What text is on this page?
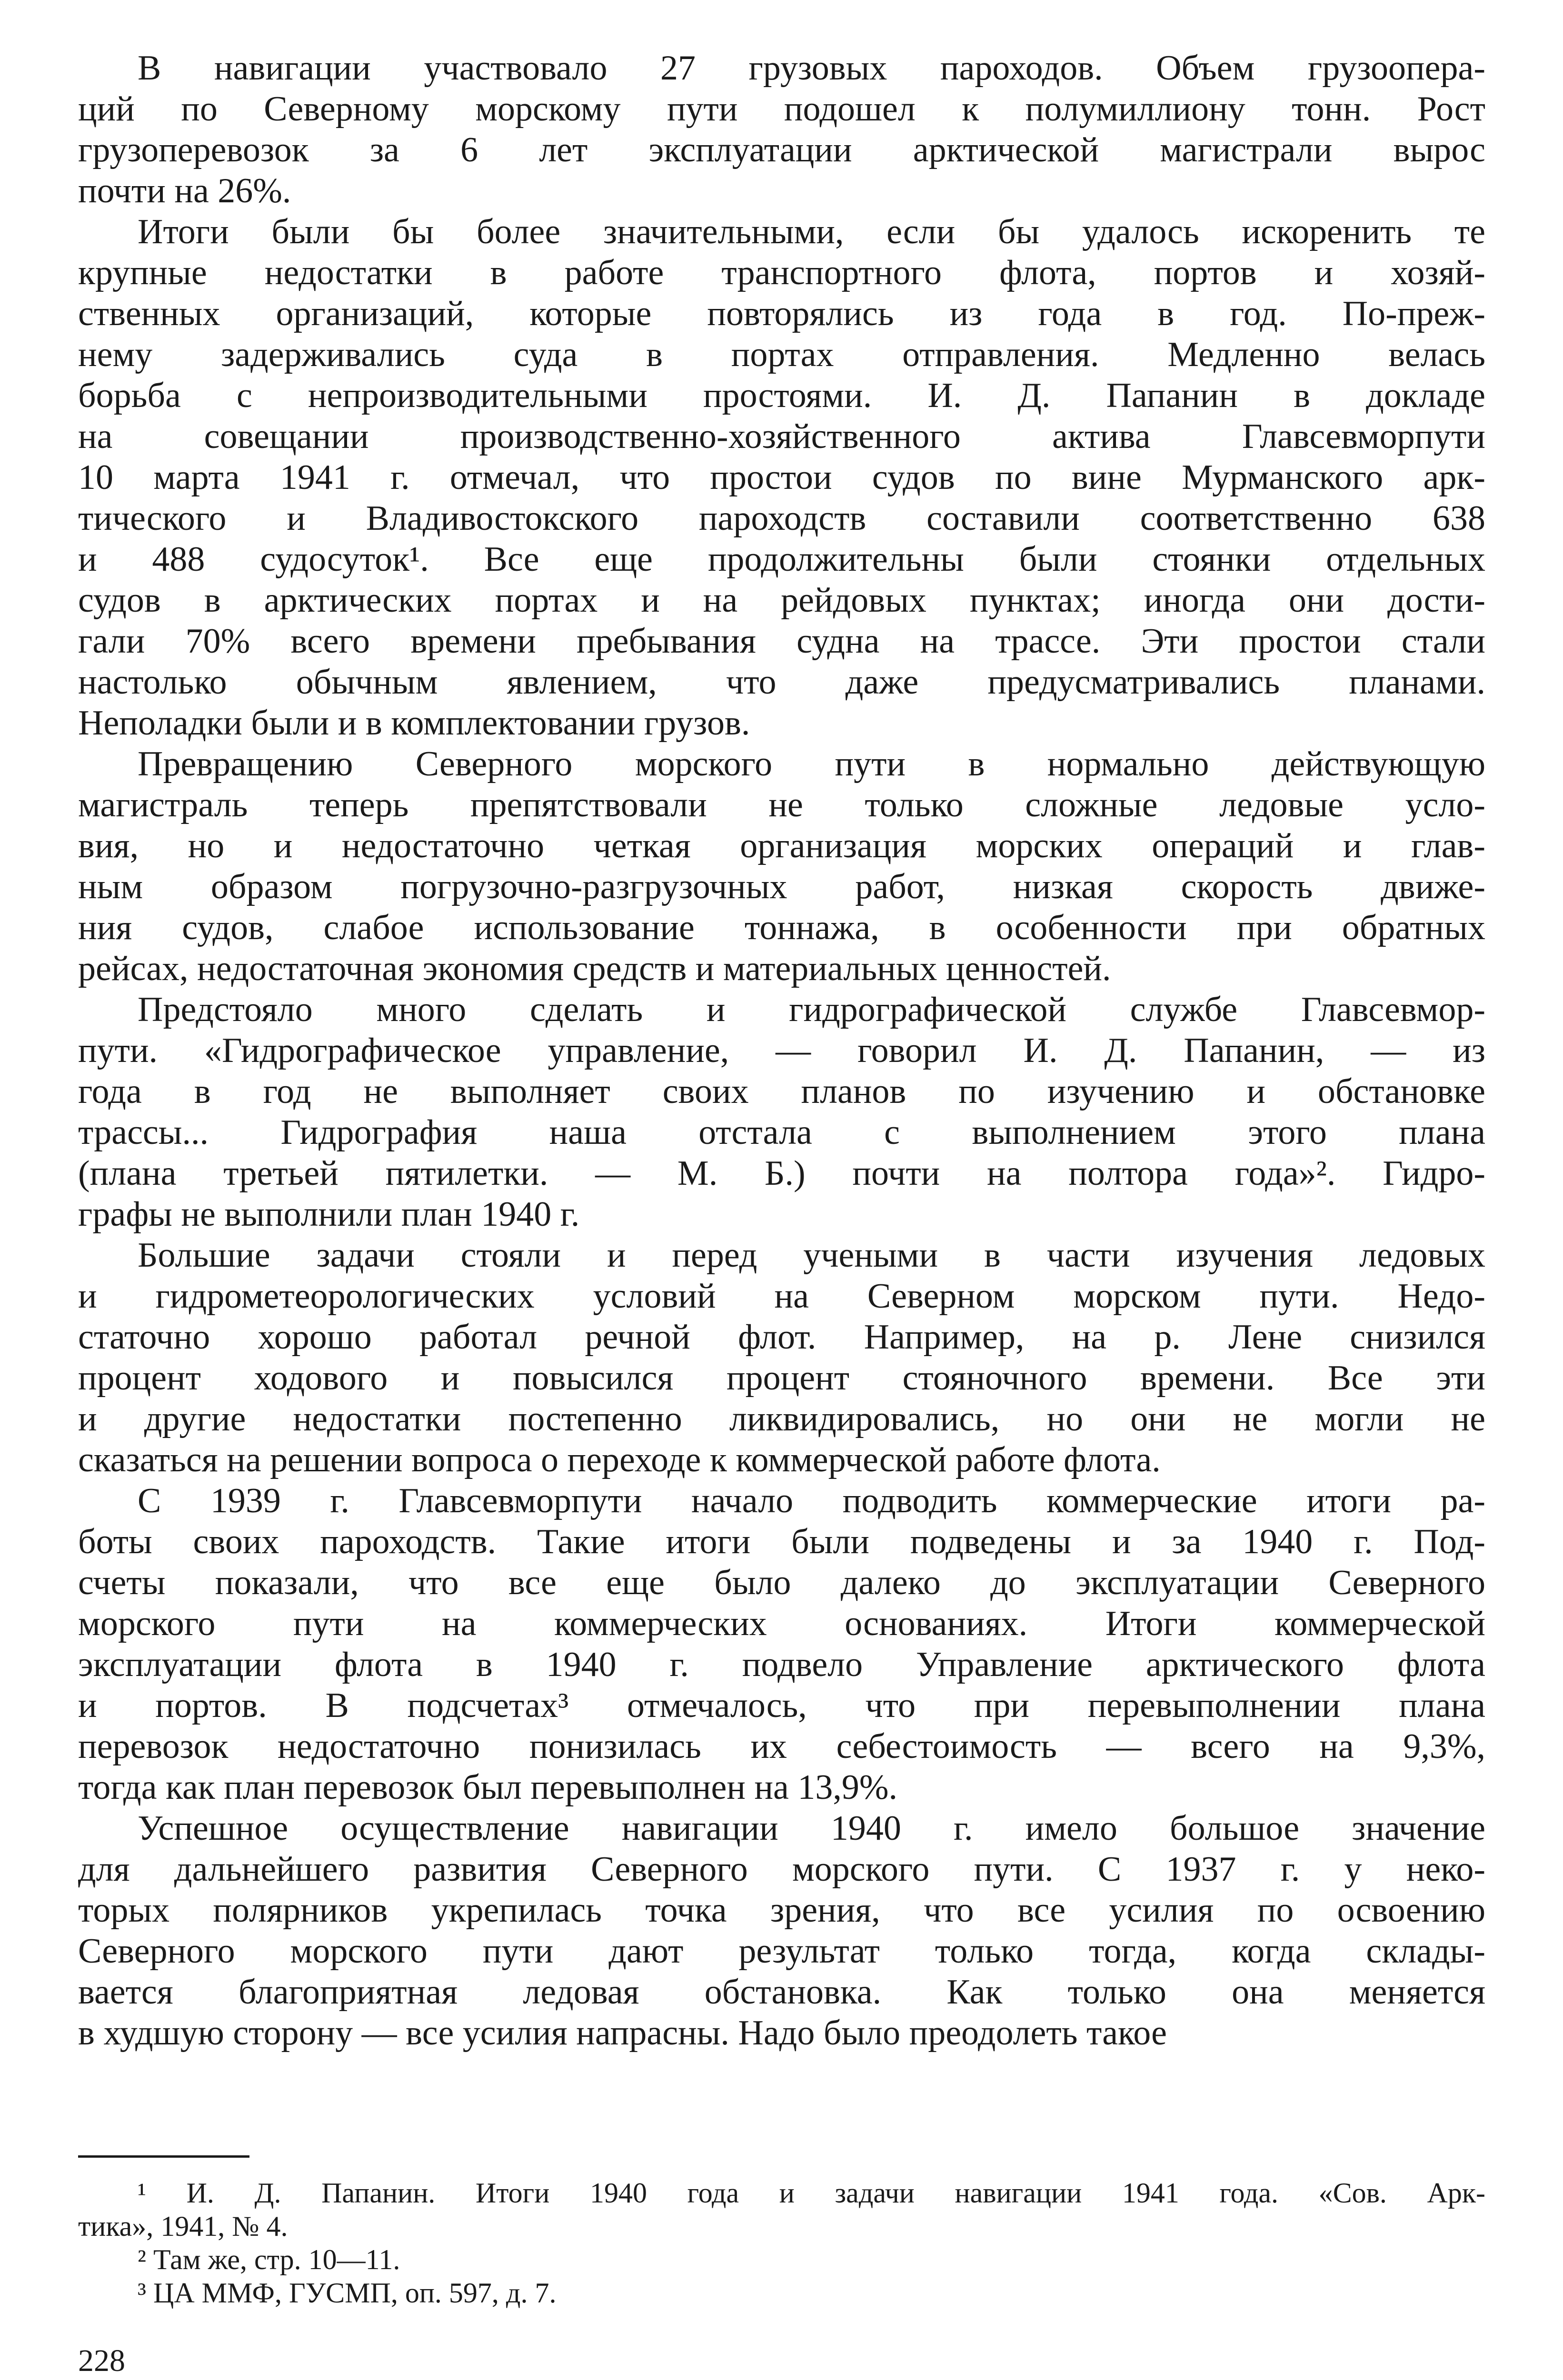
В навигации участвовало 27 грузовых пароходов. Объем грузоопера-
ций по Северному морскому пути подошел к полумиллиону тонн. Рост
грузоперевозок за 6 лет эксплуатации арктической магистрали вырос
почти на 26%.
Итоги были бы более значительными, если бы удалось искоренить те
крупные недостатки в работе транспортного флота, портов и хозяй-
ственных организаций, которые повторялись из года в год. По-преж-
нему задерживались суда в портах отправления. Медленно велась
борьба с непроизводительными простоями. И. Д. Папанин в докладе
на совещании производственно-хозяйственного актива Главсевморпути
10 марта 1941 г. отмечал, что простои судов по вине Мурманского арк-
тического и Владивостокского пароходств составили соответственно 638
и 488 судосуток¹. Все еще продолжительны были стоянки отдельных
судов в арктических портах и на рейдовых пунктах; иногда они дости-
гали 70% всего времени пребывания судна на трассе. Эти простои стали
настолько обычным явлением, что даже предусматривались планами.
Неполадки были и в комплектовании грузов.
Превращению Северного морского пути в нормально действующую
магистраль теперь препятствовали не только сложные ледовые усло-
вия, но и недостаточно четкая организация морских операций и глав-
ным образом погрузочно-разгрузочных работ, низкая скорость движе-
ния судов, слабое использование тоннажа, в особенности при обратных
рейсах, недостаточная экономия средств и материальных ценностей.
Предстояло много сделать и гидрографической службе Главсевмор-
пути. «Гидрографическое управление, — говорил И. Д. Папанин, — из
года в год не выполняет своих планов по изучению и обстановке
трассы... Гидрография наша отстала с выполнением этого плана
(плана третьей пятилетки. — М. Б.) почти на полтора года»². Гидро-
графы не выполнили план 1940 г.
Большие задачи стояли и перед учеными в части изучения ледовых
и гидрометеорологических условий на Северном морском пути. Недо-
статочно хорошо работал речной флот. Например, на р. Лене снизился
процент ходового и повысился процент стояночного времени. Все эти
и другие недостатки постепенно ликвидировались, но они не могли не
сказаться на решении вопроса о переходе к коммерческой работе флота.
С 1939 г. Главсевморпути начало подводить коммерческие итоги ра-
боты своих пароходств. Такие итоги были подведены и за 1940 г. Под-
счеты показали, что все еще было далеко до эксплуатации Северного
морского пути на коммерческих основаниях. Итоги коммерческой
эксплуатации флота в 1940 г. подвело Управление арктического флота
и портов. В подсчетах³ отмечалось, что при перевыполнении плана
перевозок недостаточно понизилась их себестоимость — всего на 9,3%,
тогда как план перевозок был перевыполнен на 13,9%.
Успешное осуществление навигации 1940 г. имело большое значение
для дальнейшего развития Северного морского пути. С 1937 г. у неко-
торых полярников укрепилась точка зрения, что все усилия по освоению
Северного морского пути дают результат только тогда, когда склады-
вается благоприятная ледовая обстановка. Как только она меняется
в худшую сторону — все усилия напрасны. Надо было преодолеть такое
¹ И. Д. Папанин. Итоги 1940 года и задачи навигации 1941 года. «Сов. Арк-
тика», 1941, № 4.
² Там же, стр. 10—11.
³ ЦА ММФ, ГУСМП, оп. 597, д. 7.
228
